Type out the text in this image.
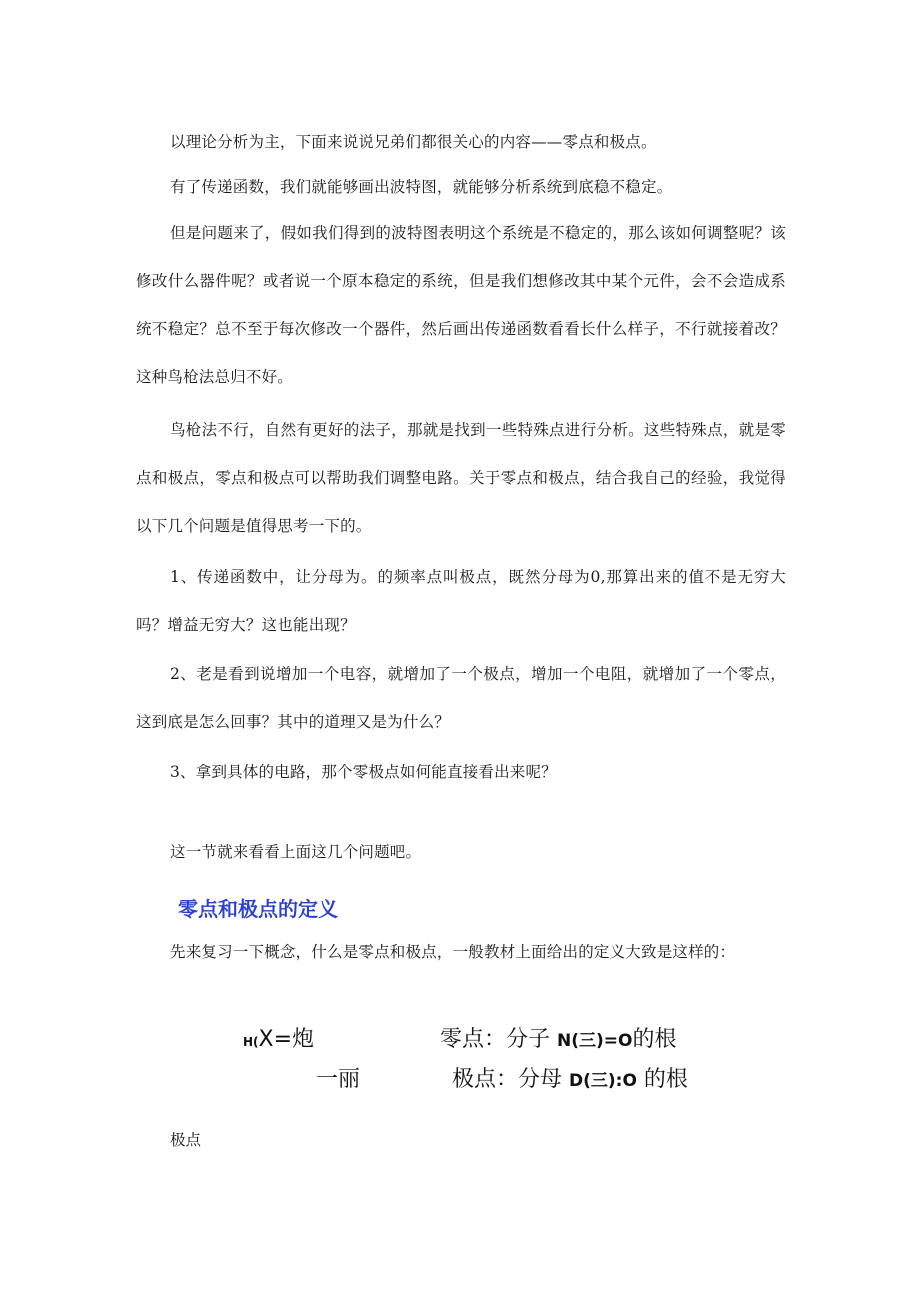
以理论分析为主，下面来说说兄弟们都很关心的内容——零点和极点。

有了传递函数，我们就能够画出波特图，就能够分析系统到底稳不稳定。

但是问题来了，假如我们得到的波特图表明这个系统是不稳定的，那么该如何调整呢？该修改什么器件呢？或者说一个原本稳定的系统，但是我们想修改其中某个元件，会不会造成系统不稳定？总不至于每次修改一个器件，然后画出传递函数看看长什么样子，不行就接着改？这种鸟枪法总归不好。

鸟枪法不行，自然有更好的法子，那就是找到一些特殊点进行分析。这些特殊点，就是零点和极点，零点和极点可以帮助我们调整电路。关于零点和极点，结合我自己的经验，我觉得以下几个问题是值得思考一下的。

1、传递函数中，让分母为。的频率点叫极点，既然分母为0,那算出来的值不是无穷大吗？增益无穷大？这也能出现？

2、老是看到说增加一个电容，就增加了一个极点，增加一个电阻，就增加了一个零点，这到底是怎么回事？其中的道理又是为什么？

3、拿到具体的电路，那个零极点如何能直接看出来呢？

这一节就来看看上面这几个问题吧。

零点和极点的定义

先来复习一下概念，什么是零点和极点，一般教材上面给出的定义大致是这样的：

H(X=炮
一丽
零点：分子 N(三)=O的根
极点：分母 D(三):O 的根

极点
